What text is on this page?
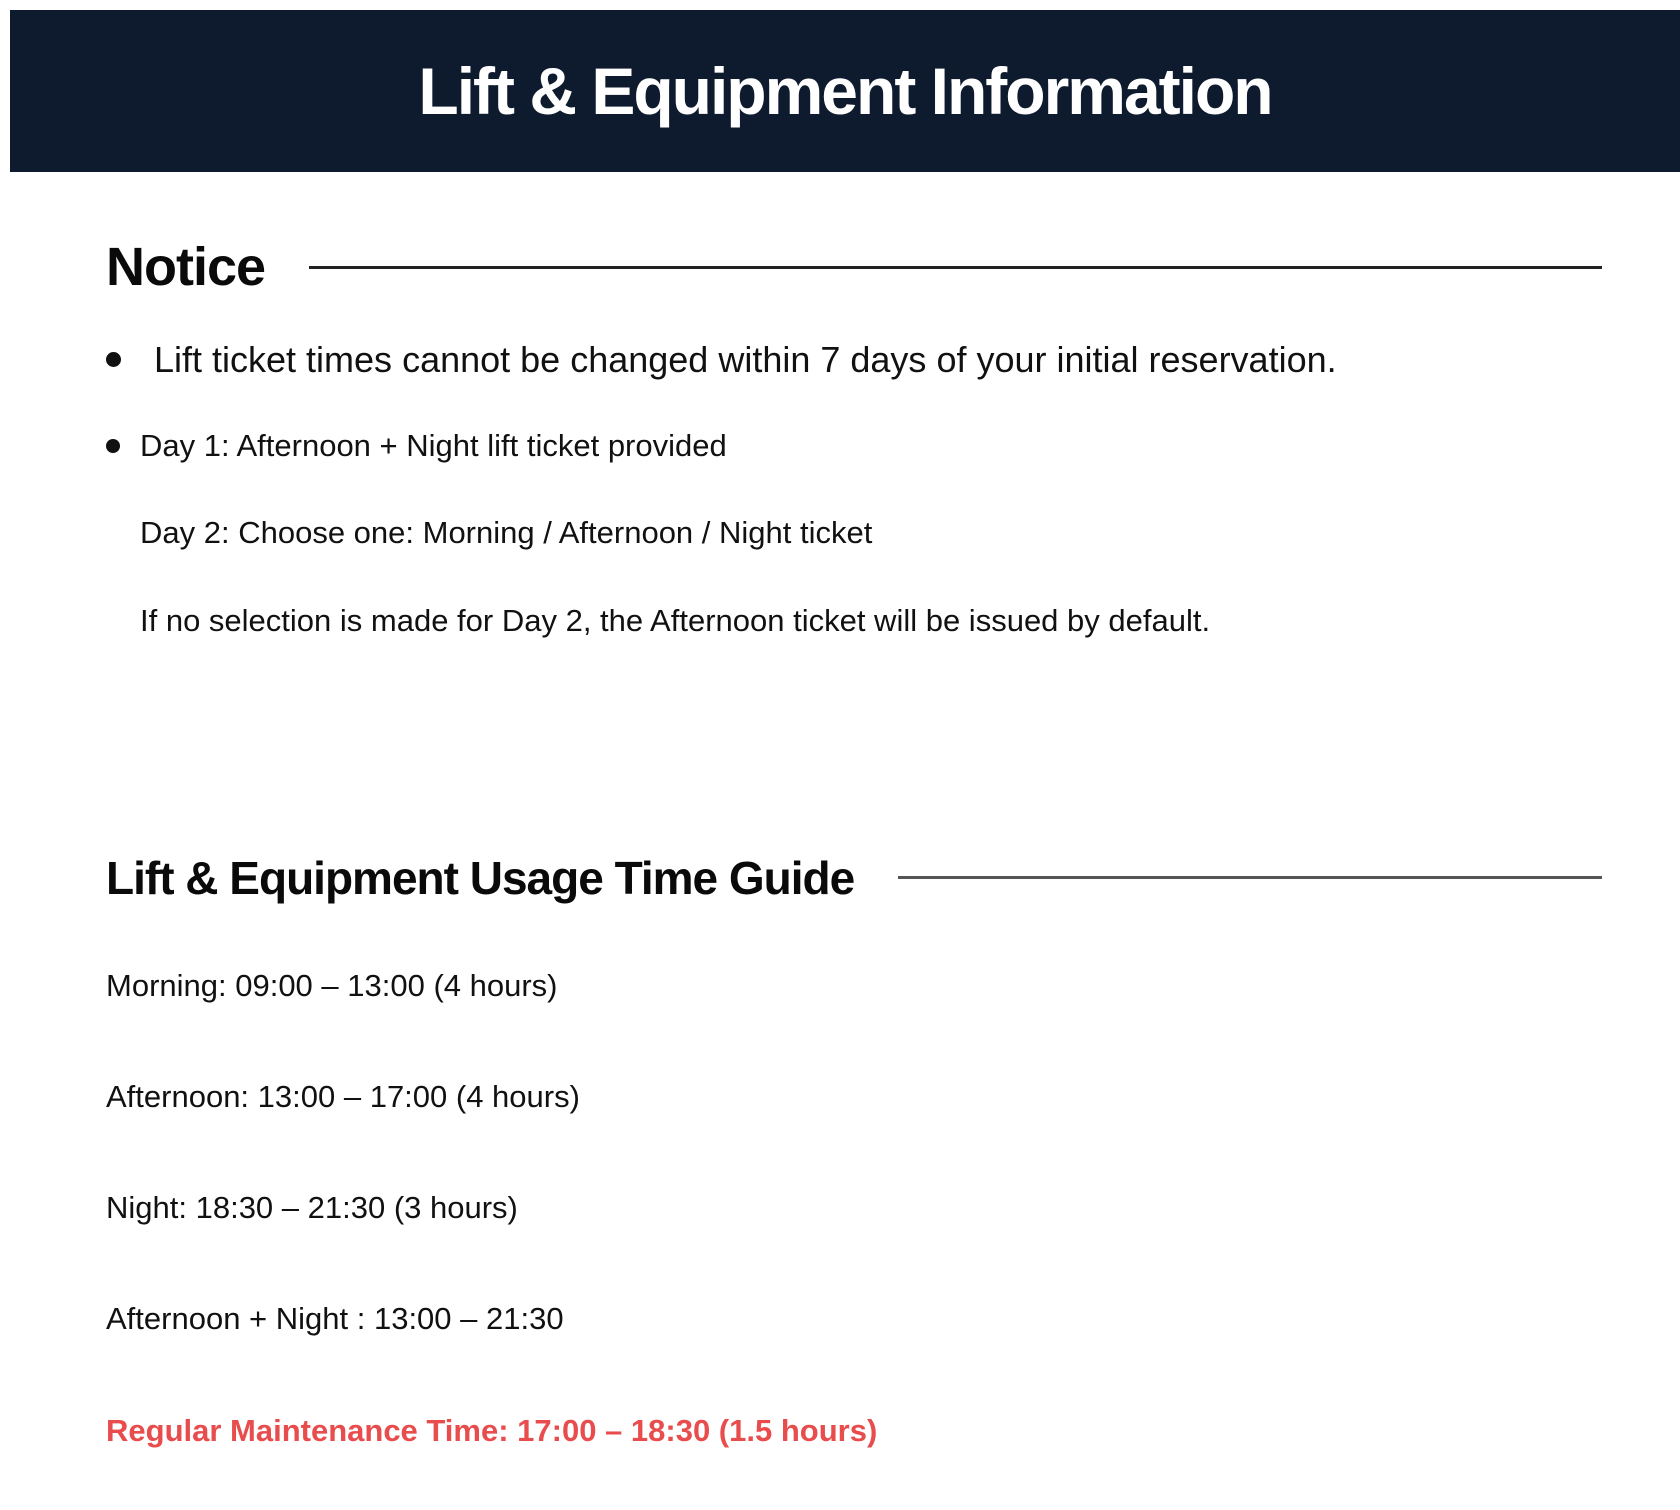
Lift & Equipment Information
Notice
Lift ticket times cannot be changed within 7 days of your initial reservation.
Day 1: Afternoon + Night lift ticket provided

Day 2: Choose one: Morning / Afternoon / Night ticket

If no selection is made for Day 2, the Afternoon ticket will be issued by default.

Lift & Equipment Usage Time Guide

Morning: 09:00 – 13:00 (4 hours)

Afternoon: 13:00 – 17:00 (4 hours)

Night: 18:30 – 21:30 (3 hours)

Afternoon + Night : 13:00 – 21:30

Regular Maintenance Time: 17:00 – 18:30 (1.5 hours)
